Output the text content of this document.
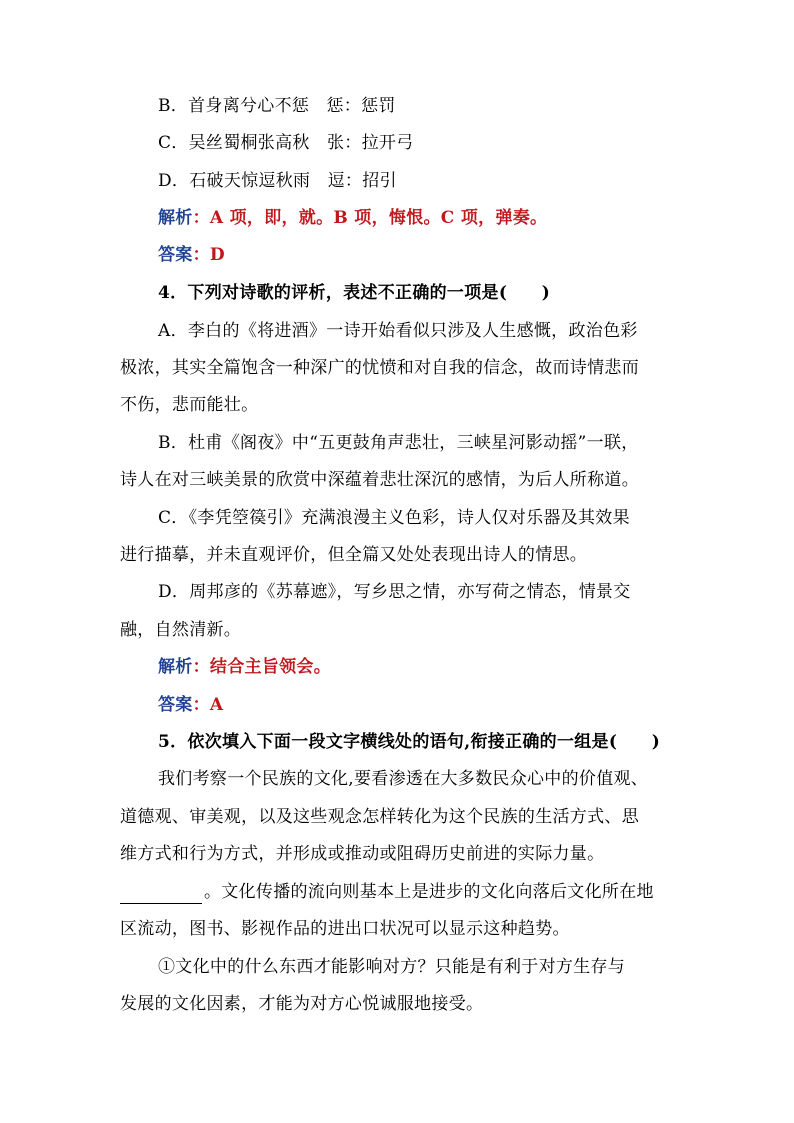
B．首身离兮心不惩　惩：惩罚
C．吴丝蜀桐张高秋　张：拉开弓
D．石破天惊逗秋雨　逗：招引
解析：A 项，即，就。B 项，悔恨。C 项，弹奏。
答案：D
4．下列对诗歌的评析，表述不正确的一项是(　　)
A．李白的《将进酒》一诗开始看似只涉及人生感慨，政治色彩
极浓，其实全篇饱含一种深广的忧愤和对自我的信念，故而诗情悲而
不伤，悲而能壮。
B．杜甫《阁夜》中“五更鼓角声悲壮，三峡星河影动摇”一联，
诗人在对三峡美景的欣赏中深蕴着悲壮深沉的感情，为后人所称道。
C．《李凭箜篌引》充满浪漫主义色彩，诗人仅对乐器及其效果
进行描摹，并未直观评价，但全篇又处处表现出诗人的情思。
D．周邦彦的《苏幕遮》，写乡思之情，亦写荷之情态，情景交
融，自然清新。
解析：结合主旨领会。
答案：A
5．依次填入下面一段文字横线处的语句,衔接正确的一组是(　　)
我们考察一个民族的文化,要看渗透在大多数民众心中的价值观、
道德观、审美观，以及这些观念怎样转化为这个民族的生活方式、思
维方式和行为方式，并形成或推动或阻碍历史前进的实际力量。
。文化传播的流向则基本上是进步的文化向落后文化所在地
区流动，图书、影视作品的进出口状况可以显示这种趋势。
①文化中的什么东西才能影响对方？只能是有利于对方生存与
发展的文化因素，才能为对方心悦诚服地接受。
